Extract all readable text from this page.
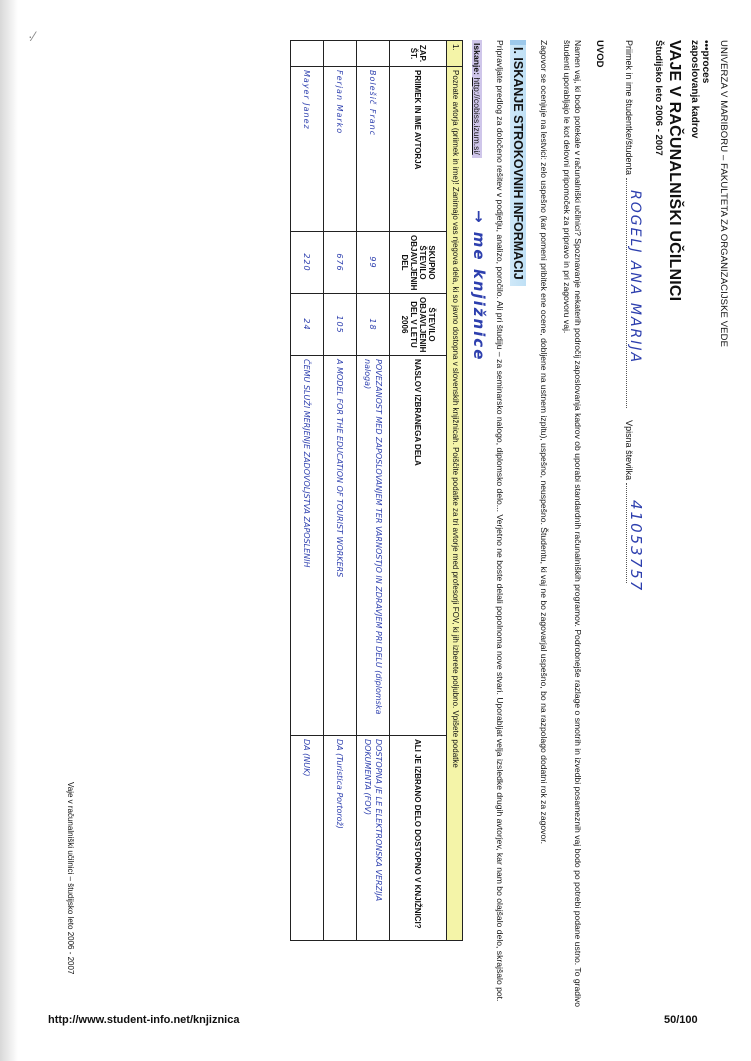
UNIVERZA V MARIBORU – FAKULTETA ZA ORGANIZACIJSKE VEDE
•••proces
zaposlovanja kadrov
VAJE V RAČUNALNIŠKI UČILNICI
Študijsko leto 2006 - 2007
Priimek in ime študentke/študenta
ROGELJ ANA MARIJA
Vpisna številka
41053757
UVOD
Namen vaj, ki bodo potekale v računalniški učilnici? Spoznavanje nekaterih področij zaposlovanja kadrov ob uporabi standardnih računalniških programov. Podrobnejše razlage o smotrih in izvedbi posameznih vaj bodo po potrebi podane ustno. To gradivo študenti uporabljajo le kot delovni pripomoček za pripravo in pri zagovoru vaj.
Zagovor se ocenjuje na lestvici: zelo uspešno (kar pomeni pribitek ene ocene, dobljene na ustnem izpitu), uspešno, neuspešno. Študentu, ki vaj ne bo zagovarjal uspešno, bo na razpolago dodatni rok za zagovor.
I. ISKANJE STROKOVNIH INFORMACIJ
Pripravljate predlog za določeno rešitev v podjetju, analizo, poročilo. Ali pri študiju – za seminarsko nalogo, diplomsko delo... Verjetno ne boste delali popolnoma nove stvari. Uporabljat velja izsledke drugih avtorjev, kar nam bo olajšalo delo, skrajšalo pot.
Iskanje: http://cobiss.izum.si/
→ me knjižnice
1.	Poznate avtorja (priimek in ime)! Zanimajo vas njegova dela, ki so javno dostopna v slovenskih knjižnicah. Poiščite podatke za tri avtorje med profesorji FOV, ki jih izberete poljubno. Vpišete podatke				
ZAP. ŠT.	PRIIMEK IN IME AVTORJA	SKUPNO ŠTEVILO OBJAVLJENIH DEL	ŠTEVILO OBJAVLJENIH DEL V LETU 2006	NASLOV IZBRANEGA DELA	ALI JE IZBRANO DELO DOSTOPNO V KNJIŽNICI?
	Bolešič Franc	99	18	POVEZANOST MED ZAPOSLOVANJEM TER VARNOSTJO IN ZDRAVJEM PRI DELU (diplomska naloga)	DOSTOPNA JE LE ELEKTRONSKA VERZIJA DOKUMENTA (FOV)
	Ferjan Marko	676	105	A MODEL FOR THE EDUCATION OF TOURIST WORKERS	DA (Turistica Portorož)
	Mayer Janez	220	24	ČEMU SLUŽI MERJENJE ZADOVOLJSTVA ZAPOSLENIH	DA (NUK)
Vaje v računalniški učilnici – študijsko leto 2006 - 2007
·⁄
http://www.student-info.net/knjiznica	50/100
